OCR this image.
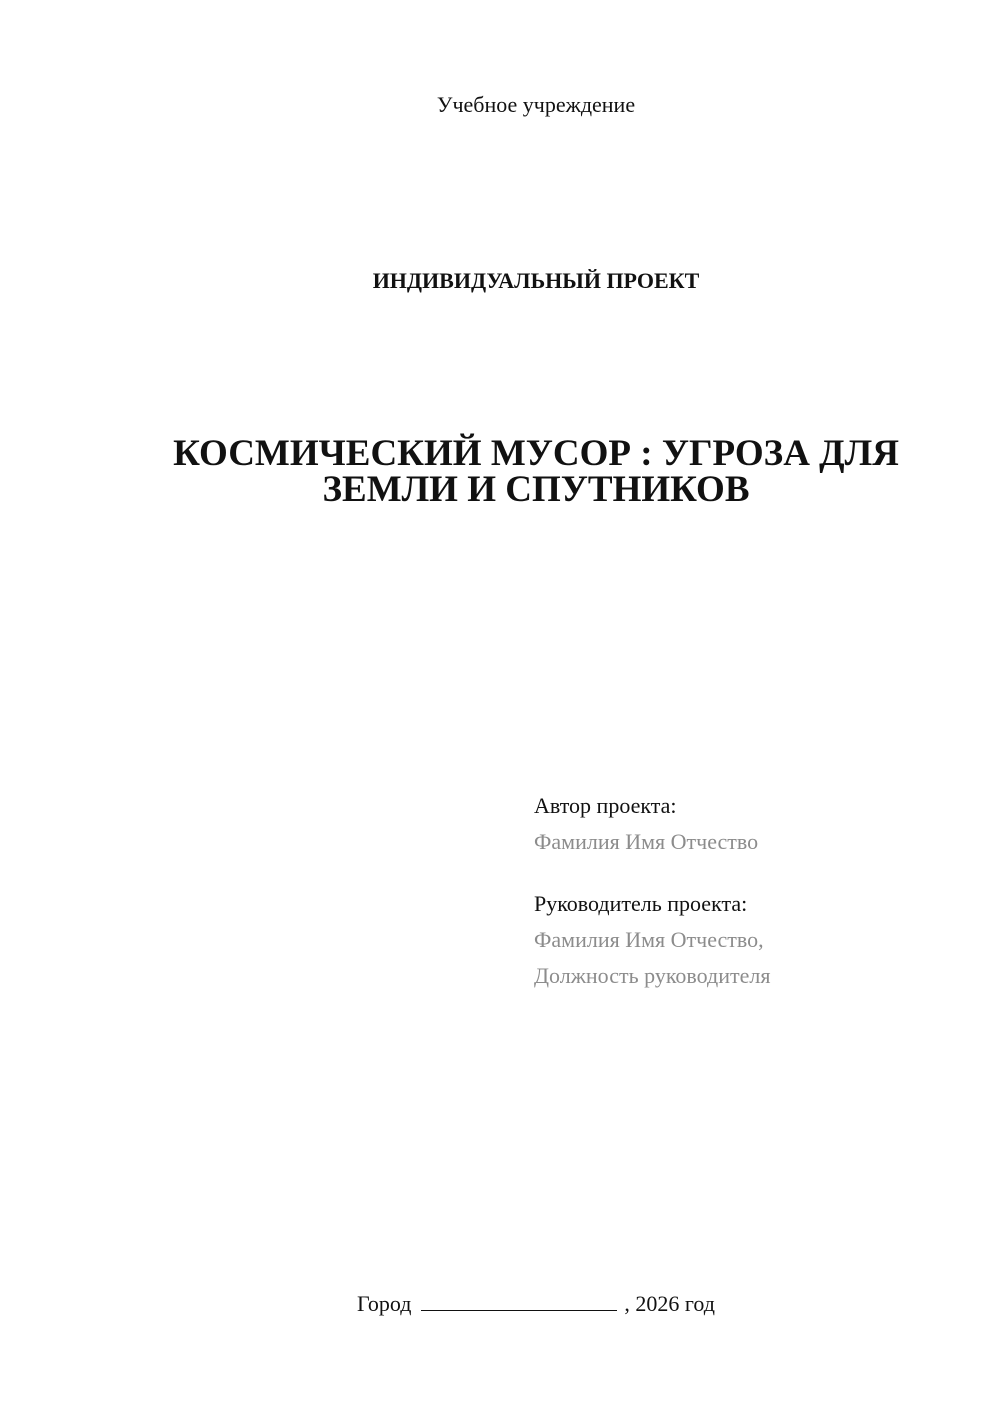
Учебное учреждение
ИНДИВИДУАЛЬНЫЙ ПРОЕКТ
КОСМИЧЕСКИЙ МУСОР : УГРОЗА ДЛЯ
ЗЕМЛИ И СПУТНИКОВ
Автор проекта:
Фамилия Имя Отчество
Руководитель проекта:
Фамилия Имя Отчество,
Должность руководителя
Город	, 2026 год
